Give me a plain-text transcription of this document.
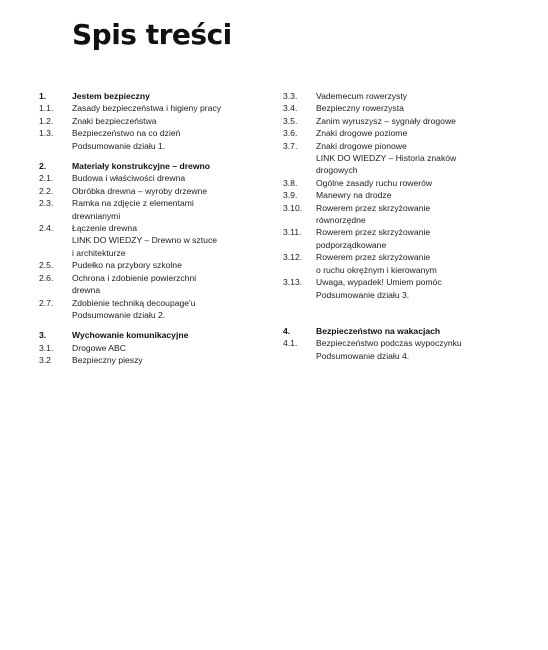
Spis treści
1.	Jestem bezpieczny
1.1.	Zasady bezpieczeństwa i higieny pracy
1.2.	Znaki bezpieczeństwa
1.3.	Bezpieczeństwo na co dzień
Podsumowanie działu 1.
2.	Materiały konstrukcyjne – drewno
2.1.	Budowa i właściwości drewna
2.2.	Obróbka drewna – wyroby drzewne
2.3.	Ramka na zdjęcie z elementami
drewnianymi
2.4.	Łączenie drewna
LINK DO WIEDZY – Drewno w sztuce
i architekturze
2.5.	Pudełko na przybory szkolne
2.6.	Ochrona i zdobienie powierzchni
drewna
2.7.	Zdobienie techniką decoupage'u
Podsumowanie działu 2.
3.	Wychowanie komunikacyjne
3.1.	Drogowe ABC
3.2	Bezpieczny pieszy
3.3.	Vademecum rowerzysty
3.4.	Bezpieczny rowerzysta
3.5.	Zanim wyruszysz – sygnały drogowe
3.6.	Znaki drogowe poziome
3.7.	Znaki drogowe pionowe
LINK DO WIEDZY – Historia znaków
drogowych
3.8.	Ogólne zasady ruchu rowerów
3.9.	Manewry na drodze
3.10.	Rowerem przez skrzyżowanie
równorzędne
3.11.	Rowerem przez skrzyżowanie
podporządkowane
3.12.	Rowerem przez skrzyżowanie
o ruchu okrężnym i kierowanym
3.13.	Uwaga, wypadek! Umiem pomóc
Podsumowanie działu 3.
4.	Bezpieczeństwo na wakacjach
4.1.	Bezpieczeństwo podczas wypoczynku
Podsumowanie działu 4.
